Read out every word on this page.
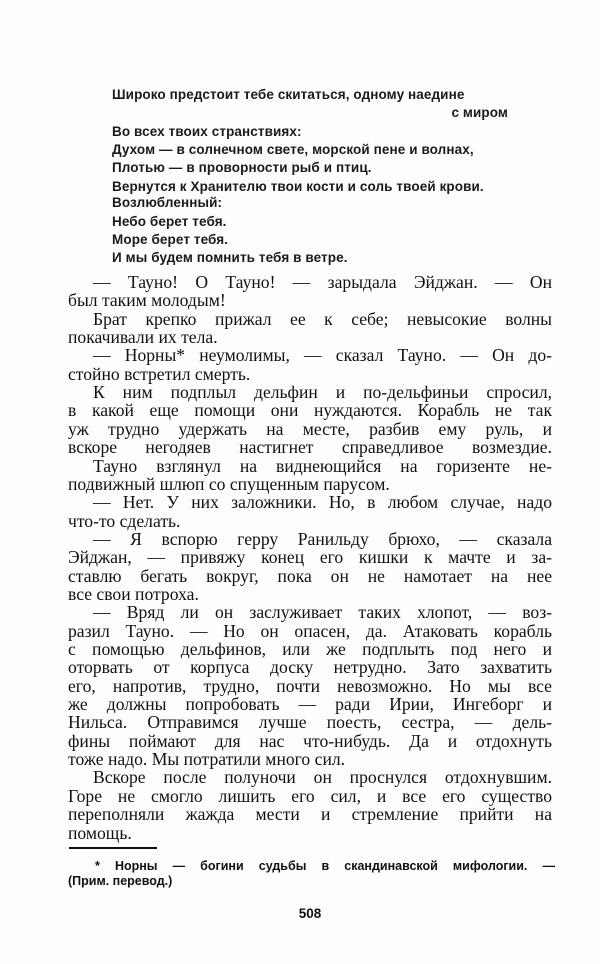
Широко предстоит тебе скитаться, одному наедине
с миром
Во всех твоих странствиях:
Духом — в солнечном свете, морской пене и волнах,
Плотью — в проворности рыб и птиц.
Вернутся к Хранителю твои кости и соль твоей крови.
Возлюбленный:
Небо берет тебя.
Море берет тебя.
И мы будем помнить тебя в ветре.
— Тауно! О Тауно! — зарыдала Эйджан. — Он
был таким молодым!
Брат крепко прижал ее к себе; невысокие волны
покачивали их тела.
— Норны* неумолимы, — сказал Тауно. — Он до-
стойно встретил смерть.
К ним подплыл дельфин и по-дельфиньи спросил,
в какой еще помощи они нуждаются. Корабль не так
уж трудно удержать на месте, разбив ему руль, и
вскоре негодяев настигнет справедливое возмездие.
Тауно взглянул на виднеющийся на горизенте не-
подвижный шлюп со спущенным парусом.
— Нет. У них заложники. Но, в любом случае, надо
что-то сделать.
— Я вспорю герру Ранильду брюхо, — сказала
Эйджан, — привяжу конец его кишки к мачте и за-
ставлю бегать вокруг, пока он не намотает на нее
все свои потроха.
— Вряд ли он заслуживает таких хлопот, — воз-
разил Тауно. — Но он опасен, да. Атаковать корабль
с помощью дельфинов, или же подплыть под него и
оторвать от корпуса доску нетрудно. Зато захватить
его, напротив, трудно, почти невозможно. Но мы все
же должны попробовать — ради Ирии, Ингеборг и
Нильса. Отправимся лучше поесть, сестра, — дель-
фины поймают для нас что-нибудь. Да и отдохнуть
тоже надо. Мы потратили много сил.
Вскоре после полуночи он проснулся отдохнувшим.
Горе не смогло лишить его сил, и все его существо
переполняли жажда мести и стремление прийти на
помощь.
* Норны — богини судьбы в скандинавской мифологии. —
(Прим. перевод.)
508
